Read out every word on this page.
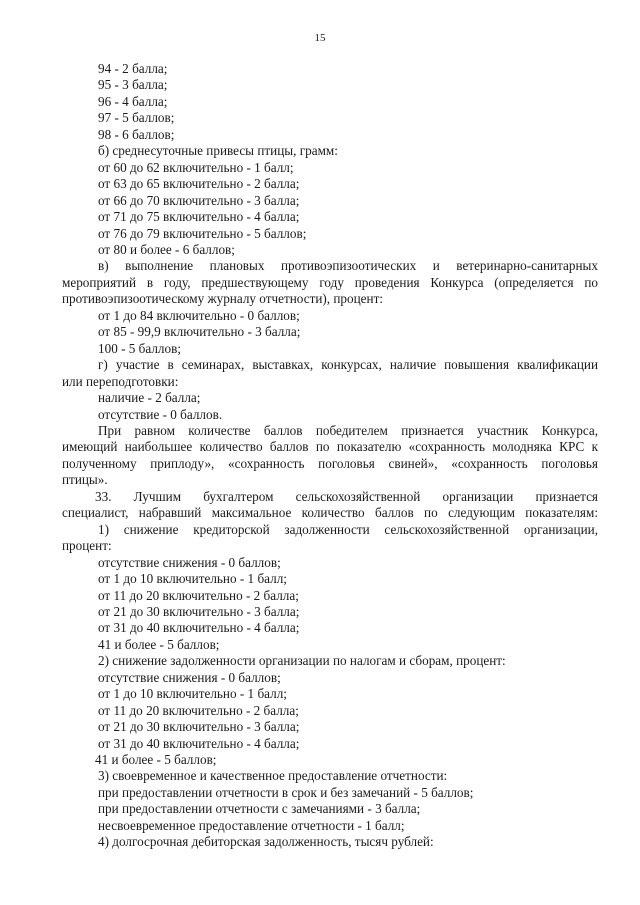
15
94 - 2 балла;
95 - 3 балла;
96 - 4 балла;
97 - 5 баллов;
98 - 6 баллов;
б) среднесуточные привесы птицы, грамм:
от 60 до 62 включительно - 1 балл;
от 63 до 65 включительно - 2 балла;
от 66 до 70 включительно - 3 балла;
от 71 до 75 включительно - 4 балла;
от 76 до 79 включительно - 5 баллов;
от 80 и более - 6 баллов;
в) выполнение плановых противоэпизоотических и ветеринарно-санитарных
мероприятий в году, предшествующему году проведения Конкурса (определяется по
противоэпизоотическому журналу отчетности), процент:
от 1 до 84 включительно - 0 баллов;
от 85 - 99,9 включительно - 3 балла;
100 - 5 баллов;
г) участие в семинарах, выставках, конкурсах, наличие повышения квалификации
или переподготовки:
наличие - 2 балла;
отсутствие - 0 баллов.
При равном количестве баллов победителем признается участник Конкурса,
имеющий наибольшее количество баллов по показателю «сохранность молодняка КРС к
полученному приплоду», «сохранность поголовья свиней», «сохранность поголовья
птицы».
33. Лучшим бухгалтером сельскохозяйственной организации признается
специалист, набравший максимальное количество баллов по следующим показателям:
1) снижение кредиторской задолженности сельскохозяйственной организации,
процент:
отсутствие снижения - 0 баллов;
от 1 до 10 включительно - 1 балл;
от 11 до 20 включительно - 2 балла;
от 21 до 30 включительно - 3 балла;
от 31 до 40 включительно - 4 балла;
41 и более - 5 баллов;
2) снижение задолженности организации по налогам и сборам, процент:
отсутствие снижения - 0 баллов;
от 1 до 10 включительно - 1 балл;
от 11 до 20 включительно - 2 балла;
от 21 до 30 включительно - 3 балла;
от 31 до 40 включительно - 4 балла;
41 и более - 5 баллов;
3) своевременное и качественное предоставление отчетности:
при предоставлении отчетности в срок и без замечаний - 5 баллов;
при предоставлении отчетности с замечаниями - 3 балла;
несвоевременное предоставление отчетности - 1 балл;
4) долгосрочная дебиторская задолженность, тысяч рублей:
